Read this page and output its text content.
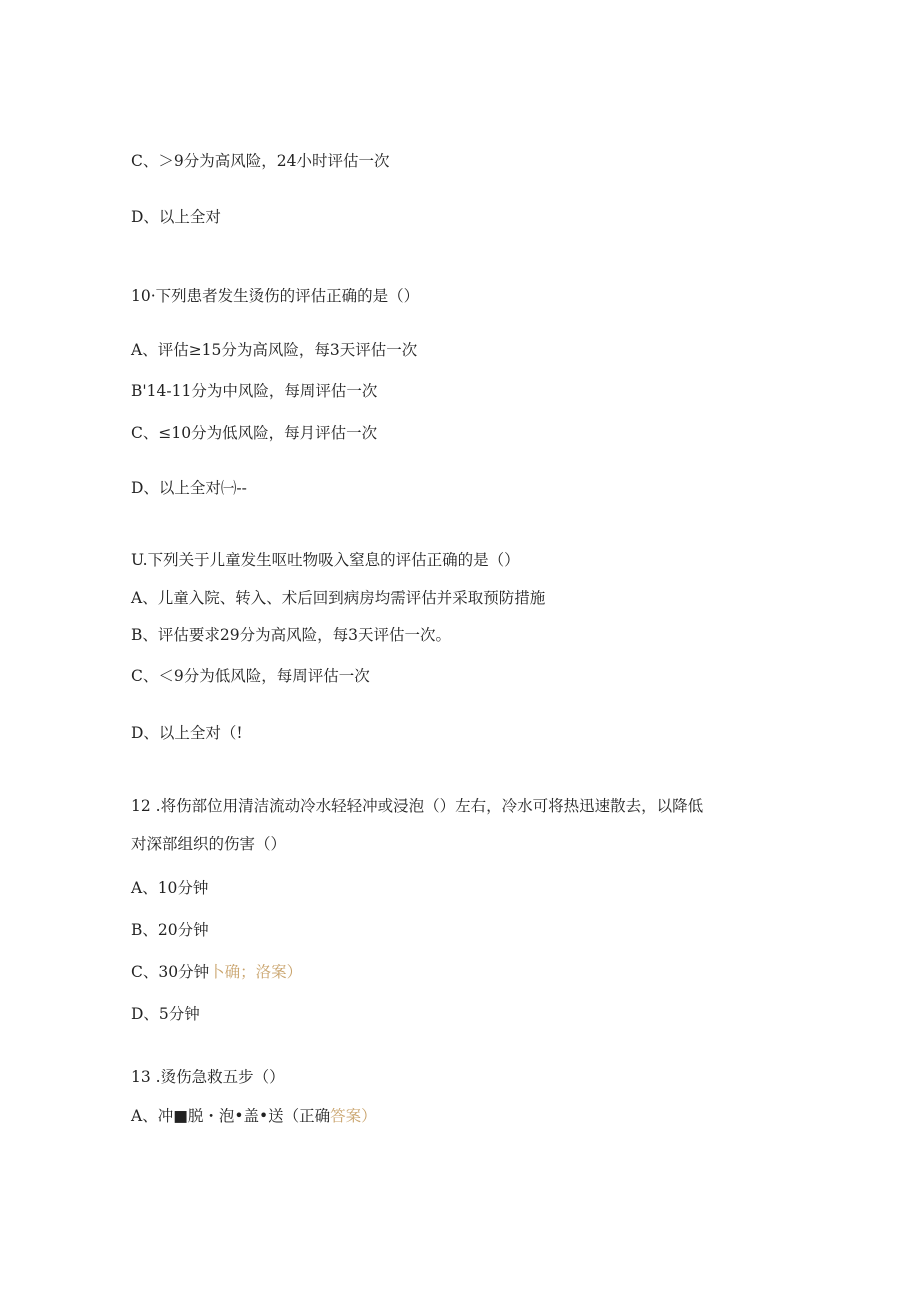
C、＞9分为高风险，24小时评估一次
D、以上全对
10·下列患者发生烫伤的评估正确的是（）
A、评估≥15分为高风险，每3天评估一次
B'14-11分为中风险，每周评估一次
C、≤10分为低风险，每月评估一次
D、以上全对㈠--
U.下列关于儿童发生呕吐物吸入窒息的评估正确的是（）
A、儿童入院、转入、术后回到病房均需评估并采取预防措施
B、评估要求29分为高风险，每3天评估一次。
C、＜9分为低风险，每周评估一次
D、以上全对（!
12 .将伤部位用清洁流动冷水轻轻冲或浸泡（）左右，冷水可将热迅速散去，以降低
对深部组织的伤害（）
A、10分钟
B、20分钟
C、30分钟卜确；洛案）
D、5分钟
13 .烫伤急救五步（）
A、冲■脱・泡•盖•送（正确答案）
